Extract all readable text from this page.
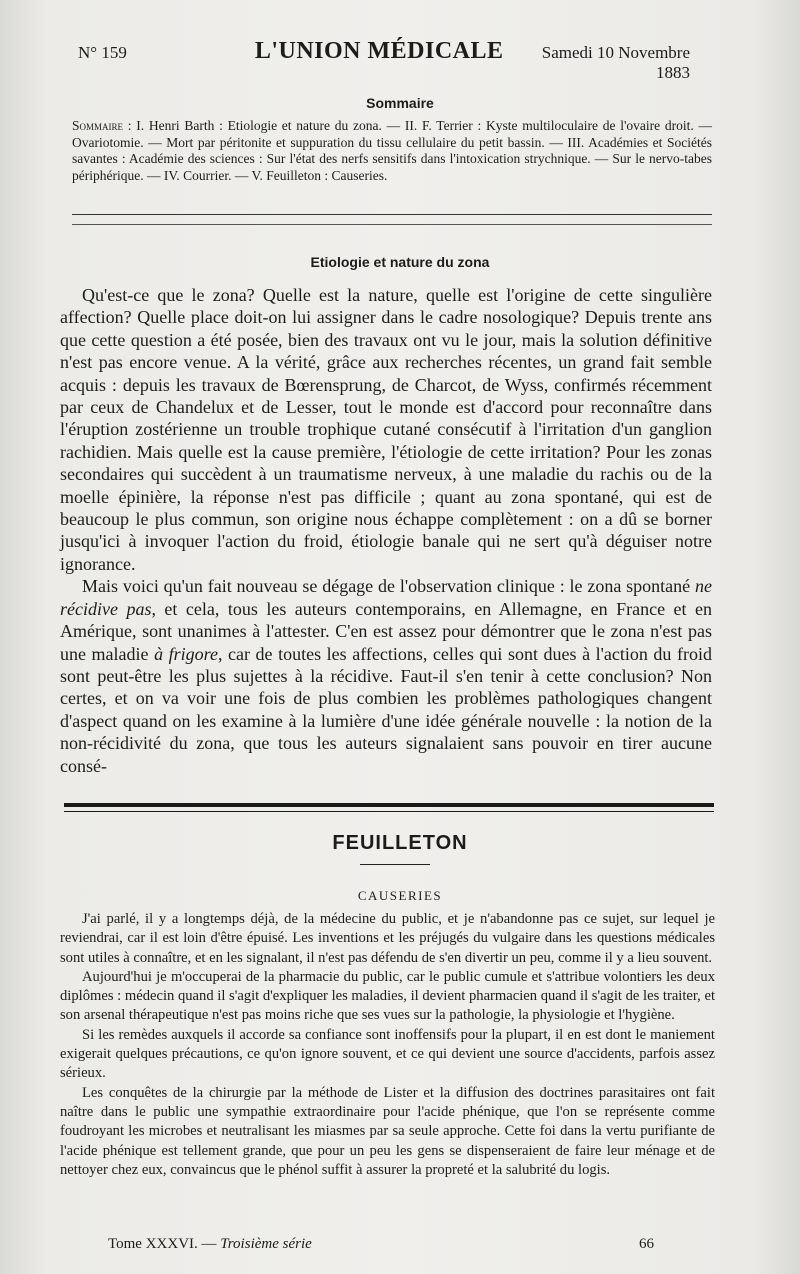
N° 159	L'UNION MÉDICALE	Samedi 10 Novembre 1883
Sommaire
Sommaire : I. Henri Barth : Etiologie et nature du zona. — II. F. Terrier : Kyste multiloculaire de l'ovaire droit. — Ovariotomie. — Mort par péritonite et suppuration du tissu cellulaire du petit bassin. — III. Académies et Sociétés savantes : Académie des sciences : Sur l'état des nerfs sensitifs dans l'intoxication strychnique. — Sur le nervo-tabes périphérique. — IV. Courrier. — V. Feuilleton : Causeries.
Etiologie et nature du zona

Qu'est-ce que le zona? Quelle est la nature, quelle est l'origine de cette singulière affection? Quelle place doit-on lui assigner dans le cadre nosologique? Depuis trente ans que cette question a été posée, bien des travaux ont vu le jour, mais la solution définitive n'est pas encore venue. A la vérité, grâce aux recherches récentes, un grand fait semble acquis : depuis les travaux de Bœrensprung, de Charcot, de Wyss, confirmés récemment par ceux de Chandelux et de Lesser, tout le monde est d'accord pour reconnaître dans l'éruption zostérienne un trouble trophique cutané consécutif à l'irritation d'un ganglion rachidien. Mais quelle est la cause première, l'étiologie de cette irritation? Pour les zonas secondaires qui succèdent à un traumatisme nerveux, à une maladie du rachis ou de la moelle épinière, la réponse n'est pas difficile ; quant au zona spontané, qui est de beaucoup le plus commun, son origine nous échappe complètement : on a dû se borner jusqu'ici à invoquer l'action du froid, étiologie banale qui ne sert qu'à déguiser notre ignorance.

Mais voici qu'un fait nouveau se dégage de l'observation clinique : le zona spontané ne récidive pas, et cela, tous les auteurs contemporains, en Allemagne, en France et en Amérique, sont unanimes à l'attester. C'en est assez pour démontrer que le zona n'est pas une maladie à frigore, car de toutes les affections, celles qui sont dues à l'action du froid sont peut-être les plus sujettes à la récidive. Faut-il s'en tenir à cette conclusion? Non certes, et on va voir une fois de plus combien les problèmes pathologiques changent d'aspect quand on les examine à la lumière d'une idée générale nouvelle : la notion de la non-récidivité du zona, que tous les auteurs signalaient sans pouvoir en tirer aucune consé-

FEUILLETON
CAUSERIES

J'ai parlé, il y a longtemps déjà, de la médecine du public, et je n'abandonne pas ce sujet, sur lequel je reviendrai, car il est loin d'être épuisé. Les inventions et les préjugés du vulgaire dans les questions médicales sont utiles à connaître, et en les signalant, il n'est pas défendu de s'en divertir un peu, comme il y a lieu souvent.

Aujourd'hui je m'occuperai de la pharmacie du public, car le public cumule et s'attribue volontiers les deux diplômes : médecin quand il s'agit d'expliquer les maladies, il devient pharmacien quand il s'agit de les traiter, et son arsenal thérapeutique n'est pas moins riche que ses vues sur la pathologie, la physiologie et l'hygiène.

Si les remèdes auxquels il accorde sa confiance sont inoffensifs pour la plupart, il en est dont le maniement exigerait quelques précautions, ce qu'on ignore souvent, et ce qui devient une source d'accidents, parfois assez sérieux.

Les conquêtes de la chirurgie par la méthode de Lister et la diffusion des doctrines parasitaires ont fait naître dans le public une sympathie extraordinaire pour l'acide phénique, que l'on se représente comme foudroyant les microbes et neutralisant les miasmes par sa seule approche. Cette foi dans la vertu purifiante de l'acide phénique est tellement grande, que pour un peu les gens se dispenseraient de faire leur ménage et de nettoyer chez eux, convaincus que le phénol suffit à assurer la propreté et la salubrité du logis.

Tome XXXVI. — Troisième série	66
